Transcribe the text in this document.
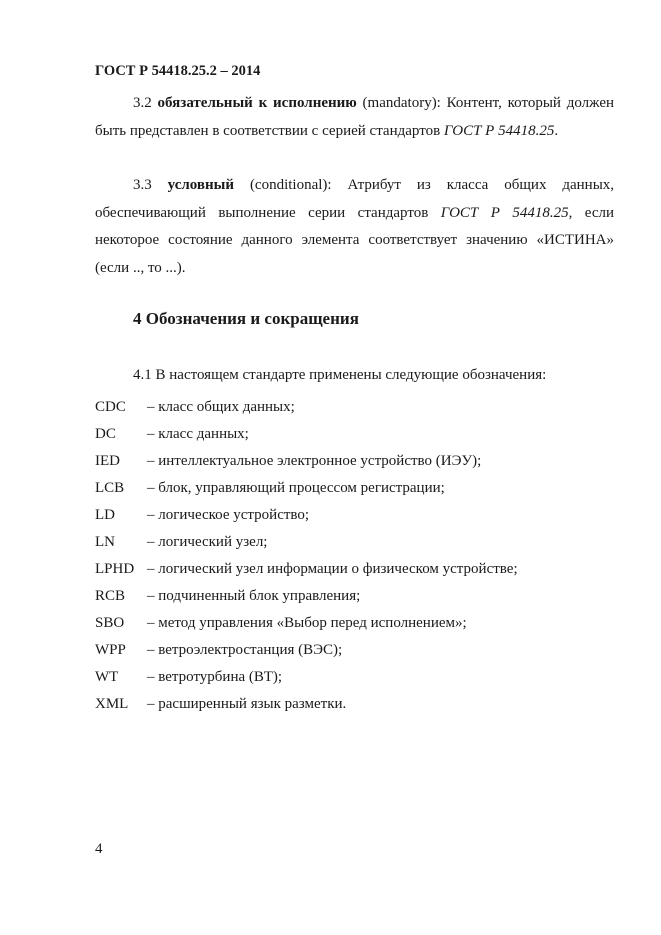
ГОСТ Р 54418.25.2 – 2014

3.2 обязательный к исполнению (mandatory): Контент, который должен быть представлен в соответствии с серией стандартов ГОСТ Р 54418.25.

3.3 условный (conditional): Атрибут из класса общих данных, обеспечивающий выполнение серии стандартов ГОСТ Р 54418.25, если некоторое состояние данного элемента соответствует значению «ИСТИНА» (если .., то ...).

4 Обозначения и сокращения
4.1 В настоящем стандарте применены следующие обозначения:
CDC – класс общих данных;
DC – класс данных;
IED – интеллектуальное электронное устройство (ИЭУ);
LCB – блок, управляющий процессом регистрации;
LD – логическое устройство;
LN – логический узел;
LPHD – логический узел информации о физическом устройстве;
RCB – подчиненный блок управления;
SBO – метод управления «Выбор перед исполнением»;
WPP – ветроэлектростанция (ВЭС);
WT – ветротурбина (ВТ);
XML – расширенный язык разметки.
4
